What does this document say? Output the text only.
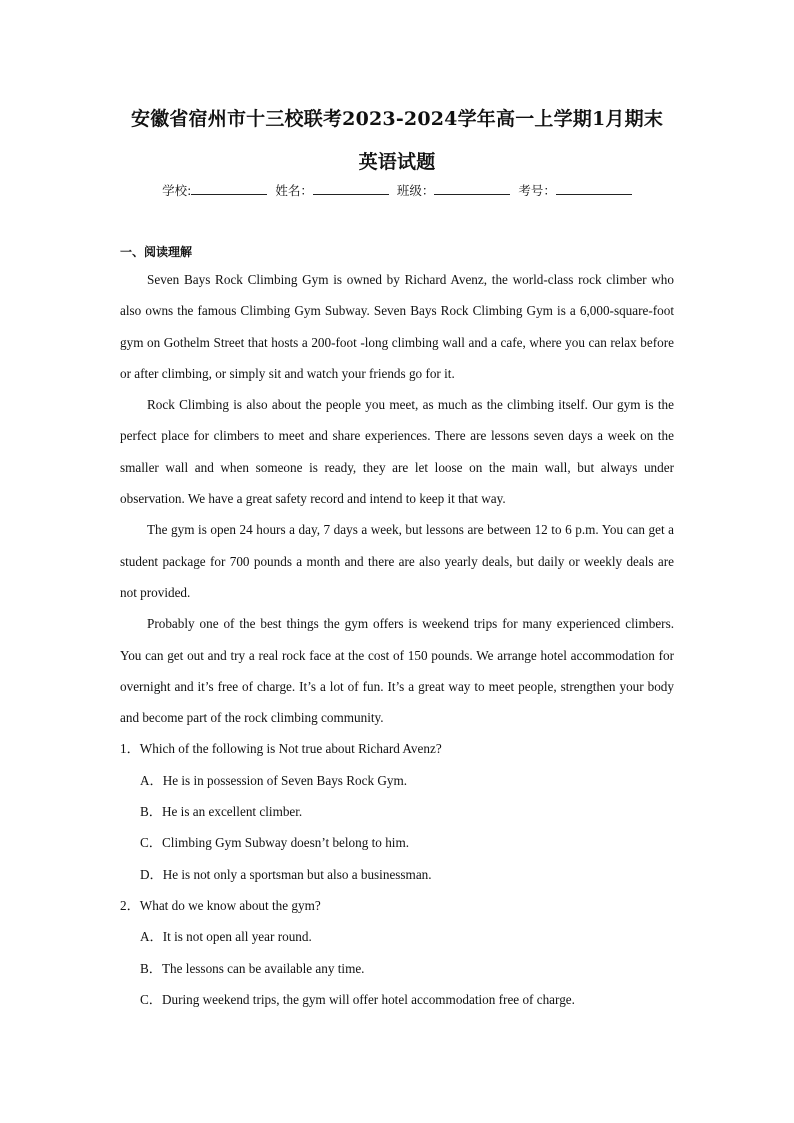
安徽省宿州市十三校联考2023-2024学年高一上学期1月期末
英语试题
学校:	姓名：	班级：	考号：
一、阅读理解

Seven Bays Rock Climbing Gym is owned by Richard Avenz, the world-class rock climber who also owns the famous Climbing Gym Subway. Seven Bays Rock Climbing Gym is a 6,000-square-foot gym on Gothelm Street that hosts a 200-foot -long climbing wall and a cafe, where you can relax before or after climbing, or simply sit and watch your friends go for it.

Rock Climbing is also about the people you meet, as much as the climbing itself. Our gym is the perfect place for climbers to meet and share experiences. There are lessons seven days a week on the smaller wall and when someone is ready, they are let loose on the main wall, but always under observation. We have a great safety record and intend to keep it that way.

The gym is open 24 hours a day, 7 days a week, but lessons are between 12 to 6 p.m. You can get a student package for 700 pounds a month and there are also yearly deals, but daily or weekly deals are not provided.

Probably one of the best things the gym offers is weekend trips for many experienced climbers. You can get out and try a real rock face at the cost of 150 pounds. We arrange hotel accommodation for overnight and it’s free of charge. It’s a lot of fun. It’s a great way to meet people, strengthen your body and become part of the rock climbing community.

1．Which of the following is Not true about Richard Avenz?

A．He is in possession of Seven Bays Rock Gym.

B．He is an excellent climber.

C．Climbing Gym Subway doesn’t belong to him.

D．He is not only a sportsman but also a businessman.

2．What do we know about the gym?

A．It is not open all year round.

B．The lessons can be available any time.

C．During weekend trips, the gym will offer hotel accommodation free of charge.
